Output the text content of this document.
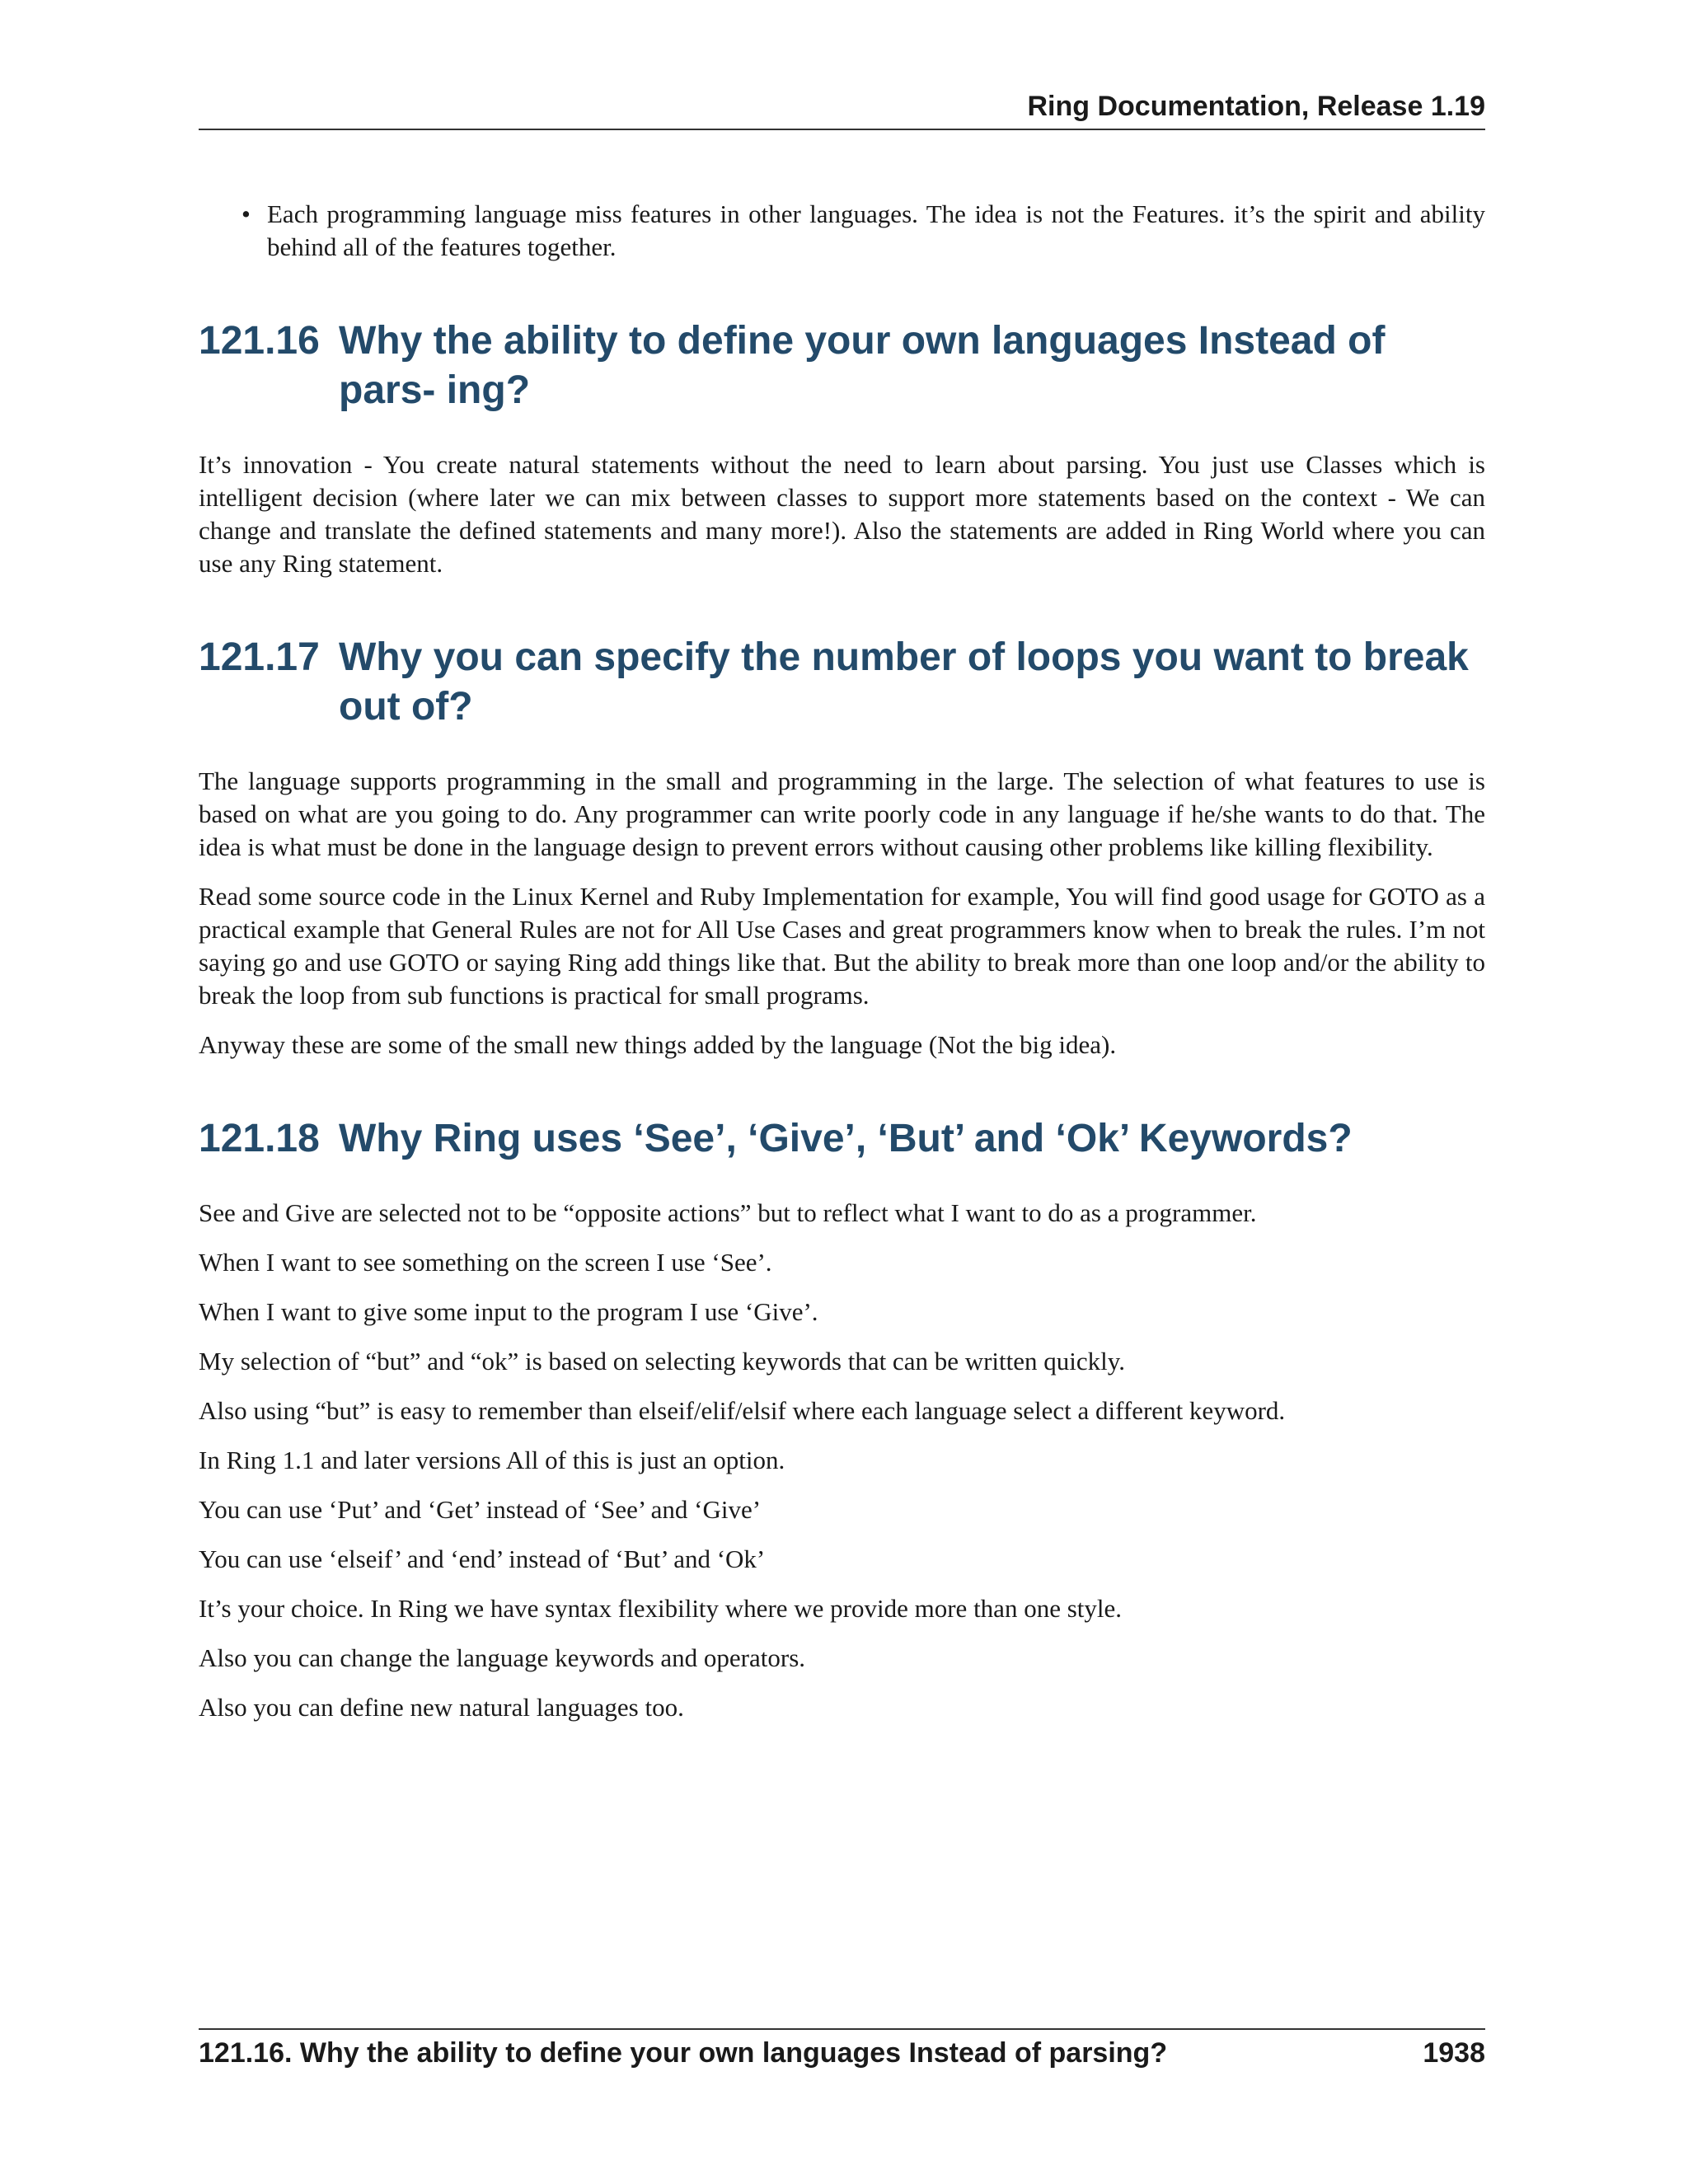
Ring Documentation, Release 1.19
• Each programming language miss features in other languages. The idea is not the Features. it’s the spirit and ability behind all of the features together.
121.16 Why the ability to define your own languages Instead of pars- ing?

It’s innovation - You create natural statements without the need to learn about parsing. You just use Classes which is intelligent decision (where later we can mix between classes to support more statements based on the context - We can change and translate the defined statements and many more!). Also the statements are added in Ring World where you can use any Ring statement.

121.17 Why you can specify the number of loops you want to break out of?

The language supports programming in the small and programming in the large. The selection of what features to use is based on what are you going to do. Any programmer can write poorly code in any language if he/she wants to do that. The idea is what must be done in the language design to prevent errors without causing other problems like killing flexibility.

Read some source code in the Linux Kernel and Ruby Implementation for example, You will find good usage for GOTO as a practical example that General Rules are not for All Use Cases and great programmers know when to break the rules. I’m not saying go and use GOTO or saying Ring add things like that. But the ability to break more than one loop and/or the ability to break the loop from sub functions is practical for small programs.

Anyway these are some of the small new things added by the language (Not the big idea).

121.18 Why Ring uses ‘See’, ‘Give’, ‘But’ and ‘Ok’ Keywords?

See and Give are selected not to be “opposite actions” but to reflect what I want to do as a programmer.

When I want to see something on the screen I use ‘See’.

When I want to give some input to the program I use ‘Give’.

My selection of “but” and “ok” is based on selecting keywords that can be written quickly.

Also using “but” is easy to remember than elseif/elif/elsif where each language select a different keyword.

In Ring 1.1 and later versions All of this is just an option.

You can use ‘Put’ and ‘Get’ instead of ‘See’ and ‘Give’

You can use ‘elseif’ and ‘end’ instead of ‘But’ and ‘Ok’

It’s your choice. In Ring we have syntax flexibility where we provide more than one style.

Also you can change the language keywords and operators.

Also you can define new natural languages too.

121.16. Why the ability to define your own languages Instead of parsing?	1938
